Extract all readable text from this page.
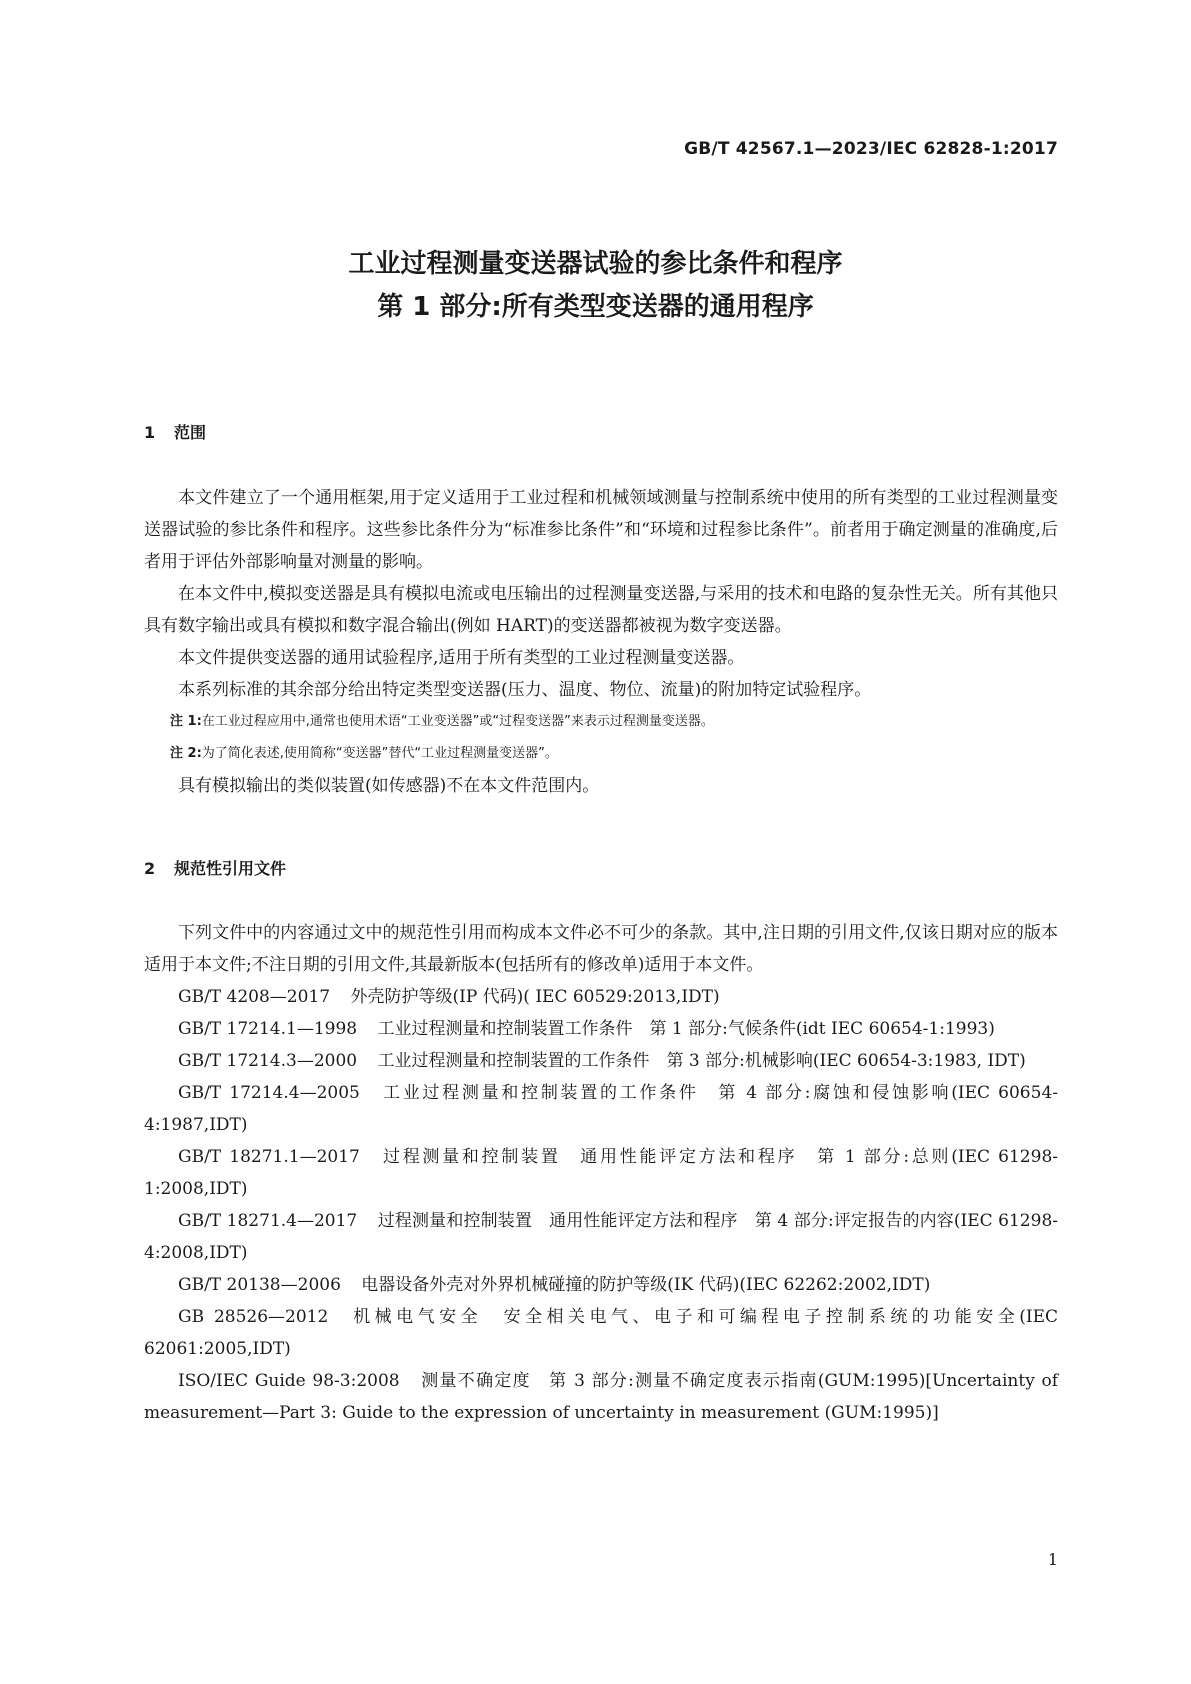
GB/T 42567.1—2023/IEC 62828-1:2017
工业过程测量变送器试验的参比条件和程序
第 1 部分:所有类型变送器的通用程序
1 范围

本文件建立了一个通用框架,用于定义适用于工业过程和机械领域测量与控制系统中使用的所有类型的工业过程测量变送器试验的参比条件和程序。这些参比条件分为“标准参比条件”和“环境和过程参比条件”。前者用于确定测量的准确度,后者用于评估外部影响量对测量的影响。

在本文件中,模拟变送器是具有模拟电流或电压输出的过程测量变送器,与采用的技术和电路的复杂性无关。所有其他只具有数字输出或具有模拟和数字混合输出(例如 HART)的变送器都被视为数字变送器。

本文件提供变送器的通用试验程序,适用于所有类型的工业过程测量变送器。

本系列标准的其余部分给出特定类型变送器(压力、温度、物位、流量)的附加特定试验程序。

注 1:在工业过程应用中,通常也使用术语“工业变送器”或“过程变送器”来表示过程测量变送器。

注 2:为了简化表述,使用简称“变送器”替代“工业过程测量变送器”。

具有模拟输出的类似装置(如传感器)不在本文件范围内。

2 规范性引用文件

下列文件中的内容通过文中的规范性引用而构成本文件必不可少的条款。其中,注日期的引用文件,仅该日期对应的版本适用于本文件;不注日期的引用文件,其最新版本(包括所有的修改单)适用于本文件。

GB/T 4208—2017 外壳防护等级(IP 代码)( IEC 60529:2013,IDT)

GB/T 17214.1—1998 工业过程测量和控制装置工作条件　第 1 部分:气候条件(idt IEC 60654-1:1993)

GB/T 17214.3—2000 工业过程测量和控制装置的工作条件　第 3 部分:机械影响(IEC 60654-3:1983, IDT)

GB/T 17214.4—2005 工业过程测量和控制装置的工作条件　第 4 部分:腐蚀和侵蚀影响(IEC 60654-4:1987,IDT)

GB/T 18271.1—2017 过程测量和控制装置　通用性能评定方法和程序　第 1 部分:总则(IEC 61298-1:2008,IDT)

GB/T 18271.4—2017 过程测量和控制装置　通用性能评定方法和程序　第 4 部分:评定报告的内容(IEC 61298-4:2008,IDT)

GB/T 20138—2006 电器设备外壳对外界机械碰撞的防护等级(IK 代码)(IEC 62262:2002,IDT)

GB 28526—2012 机械电气安全　安全相关电气、电子和可编程电子控制系统的功能安全(IEC 62061:2005,IDT)

ISO/IEC Guide 98-3:2008 测量不确定度　第 3 部分:测量不确定度表示指南(GUM:1995)[Uncertainty of measurement—Part 3: Guide to the expression of uncertainty in measurement (GUM:1995)]

1
